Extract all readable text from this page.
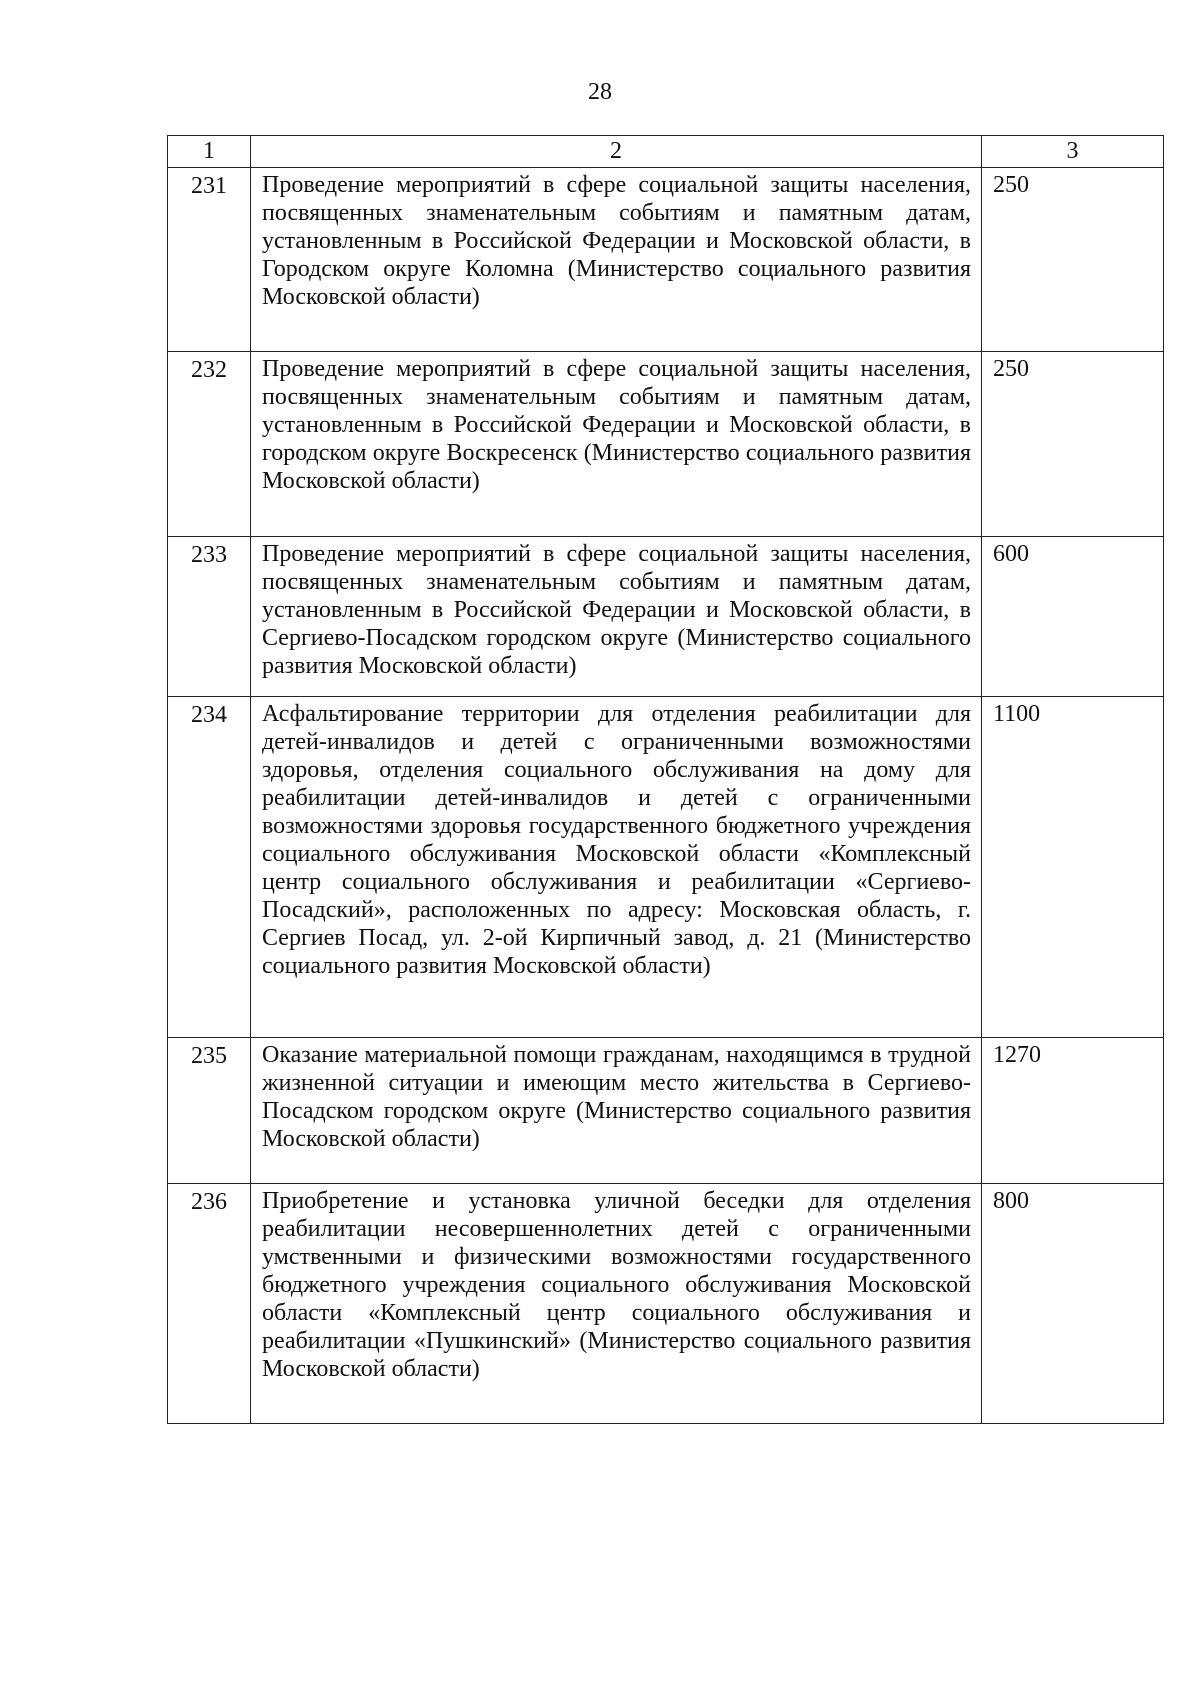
28
1	2	3
231	Проведение мероприятий в сфере социальной защиты населения, посвященных знаменательным событиям и памятным датам, установленным в Российской Федерации и Московской области, в Городском округе Коломна (Министерство социального развития Московской области)	250
232	Проведение мероприятий в сфере социальной защиты населения, посвященных знаменательным событиям и памятным датам, установленным в Российской Федерации и Московской области, в городском округе Воскресенск (Министерство социального развития Московской области)	250
233	Проведение мероприятий в сфере социальной защиты населения, посвященных знаменательным событиям и памятным датам, установленным в Российской Федерации и Московской области, в Сергиево-Посадском городском округе (Министерство социального развития Московской области)	600
234	Асфальтирование территории для отделения реабилитации для детей-инвалидов и детей с ограниченными возможностями здоровья, отделения социального обслуживания на дому для реабилитации детей-инвалидов и детей с ограниченными возможностями здоровья государственного бюджетного учреждения социального обслуживания Московской области «Комплексный центр социального обслуживания и реабилитации «Сергиево-Посадский», расположенных по адресу: Московская область, г. Сергиев Посад, ул. 2-ой Кирпичный завод, д. 21 (Министерство социального развития Московской области)	1100
235	Оказание материальной помощи гражданам, находящимся в трудной жизненной ситуации и имеющим место жительства в Сергиево-Посадском городском округе (Министерство социального развития Московской области)	1270
236	Приобретение и установка уличной беседки для отделения реабилитации несовершеннолетних детей с ограниченными умственными и физическими возможностями государственного бюджетного учреждения социального обслуживания Московской области «Комплексный центр социального обслуживания и реабилитации «Пушкинский» (Министерство социального развития Московской области)	800
